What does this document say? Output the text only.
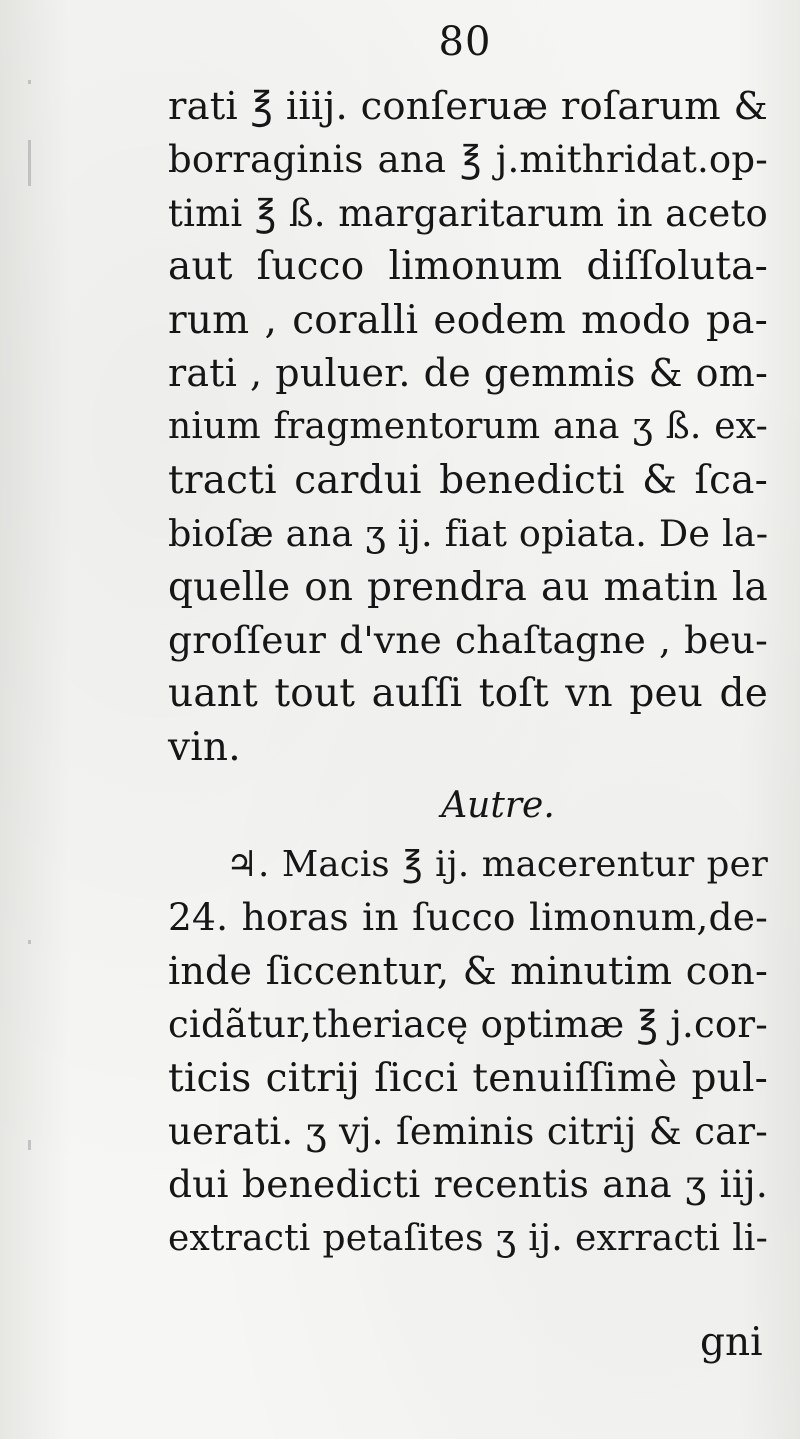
80
rati ℥ iiij. conſeruæ roſarum &
borraginis ana ℥ j.mithridat.op-
timi ℥ ß. margaritarum in aceto
aut ſucco limonum diſſoluta-
rum , coralli eodem modo pa-
rati , puluer. de gemmis & om-
nium fragmentorum ana ʒ ß. ex-
tracti cardui benedicti & ſca-
bioſæ ana ʒ ij. fiat opiata. De la-
quelle on prendra au matin la
groſſeur d'vne chaſtagne , beu-
uant tout auſſi toſt vn peu de
vin.
Autre.
♃. Macis ℥ ij. macerentur per
24. horas in ſucco limonum,de-
inde ſiccentur, & minutim con-
cidãtur,theriacę optimæ ℥ j.cor-
ticis citrij ſicci tenuiſſimè pul-
uerati. ʒ vj. ſeminis citrij & car-
dui benedicti recentis ana ʒ iij.
extracti petaſites ʒ ij. exrracti li-
gni
